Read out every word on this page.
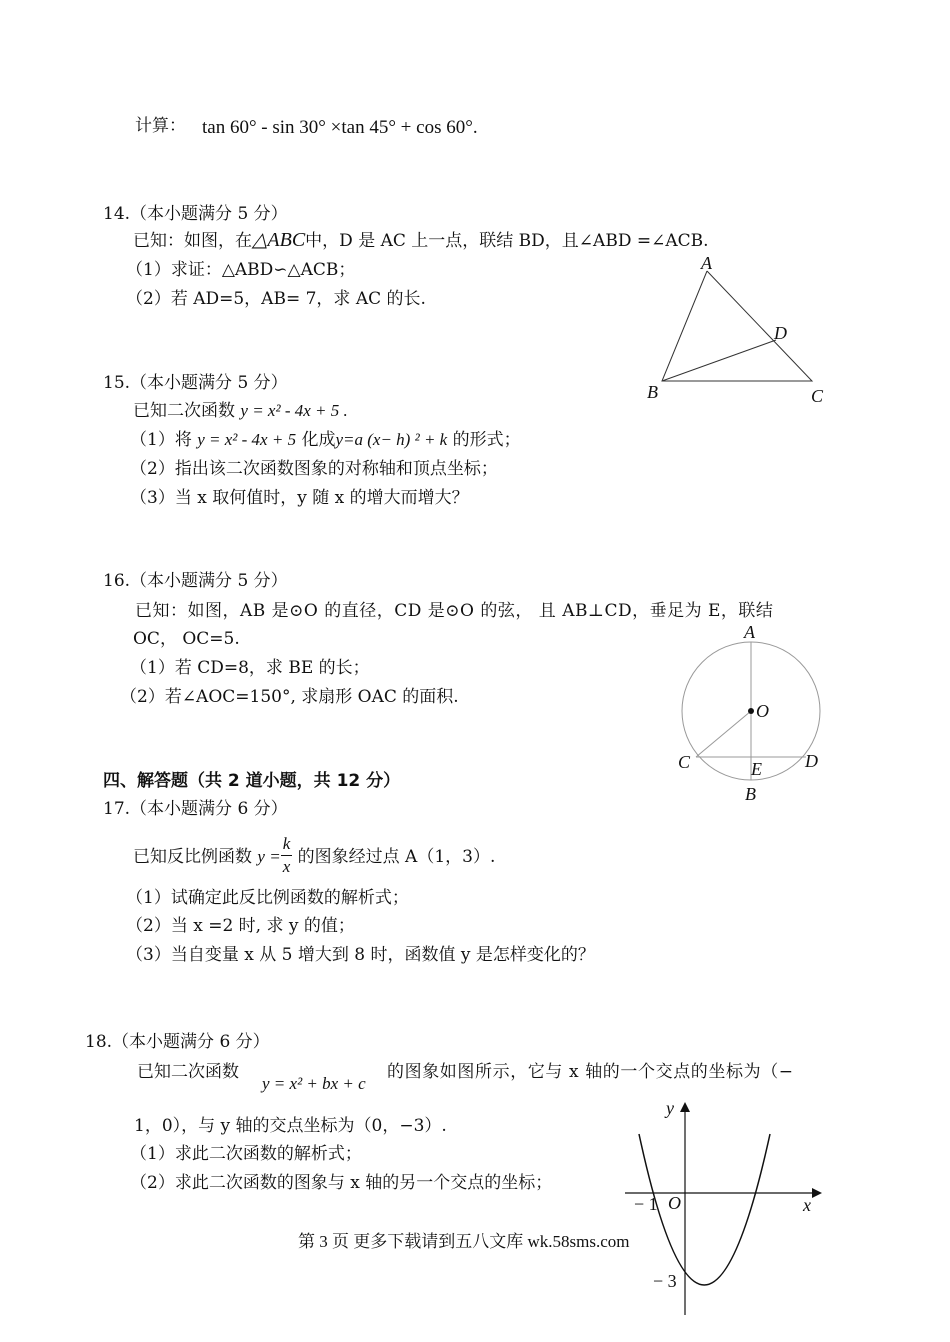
计算： tan 60° - sin 30° ×tan 45° + cos 60°.
14.（本小题满分 5 分）
已知：如图，在△ABC中，D 是 AC 上一点，联结 BD，且∠ABD =∠ACB.
（1）求证：△ABD∽△ACB；
（2）若 AD=5，AB= 7，求 AC 的长.
A
D
B	C
15.（本小题满分 5 分）
已知二次函数 y = x² - 4x + 5 .
（1）将 y = x² - 4x + 5 化成y=a (x− h) ² + k 的形式；
（2）指出该二次函数图象的对称轴和顶点坐标；
（3）当 x 取何值时，y 随 x 的增大而增大？
16.（本小题满分 5 分）
已知：如图，AB 是⊙O 的直径，CD 是⊙O 的弦， 且 AB⊥CD，垂足为 E，联结
OC， OC=5.
（1）若 CD=8，求 BE 的长；
（2）若∠AOC=150°, 求扇形 OAC 的面积.
A
O
C	D
E
B
四、解答题（共 2 道小题，共 12 分）
17.（本小题满分 6 分）
已知反比例函数 $y = \frac{k}{x}$ 的图象经过点 A（1，3）.
（1）试确定此反比例函数的解析式；
（2）当 x =2 时, 求 y 的值；
（3）当自变量 x 从 5 增大到 8 时，函数值 y 是怎样变化的？
18.（本小题满分 6 分）
已知二次函数
y = x² + bx + c
的图象如图所示，它与 x 轴的一个交点的坐标为（−
1，0），与 y 轴的交点坐标为（0，−3）.
（1）求此二次函数的解析式；
（2）求此二次函数的图象与 x 轴的另一个交点的坐标；
y
x
O
− 1
− 3
第 3 页 更多下载请到五八文库 wk.58sms.com
